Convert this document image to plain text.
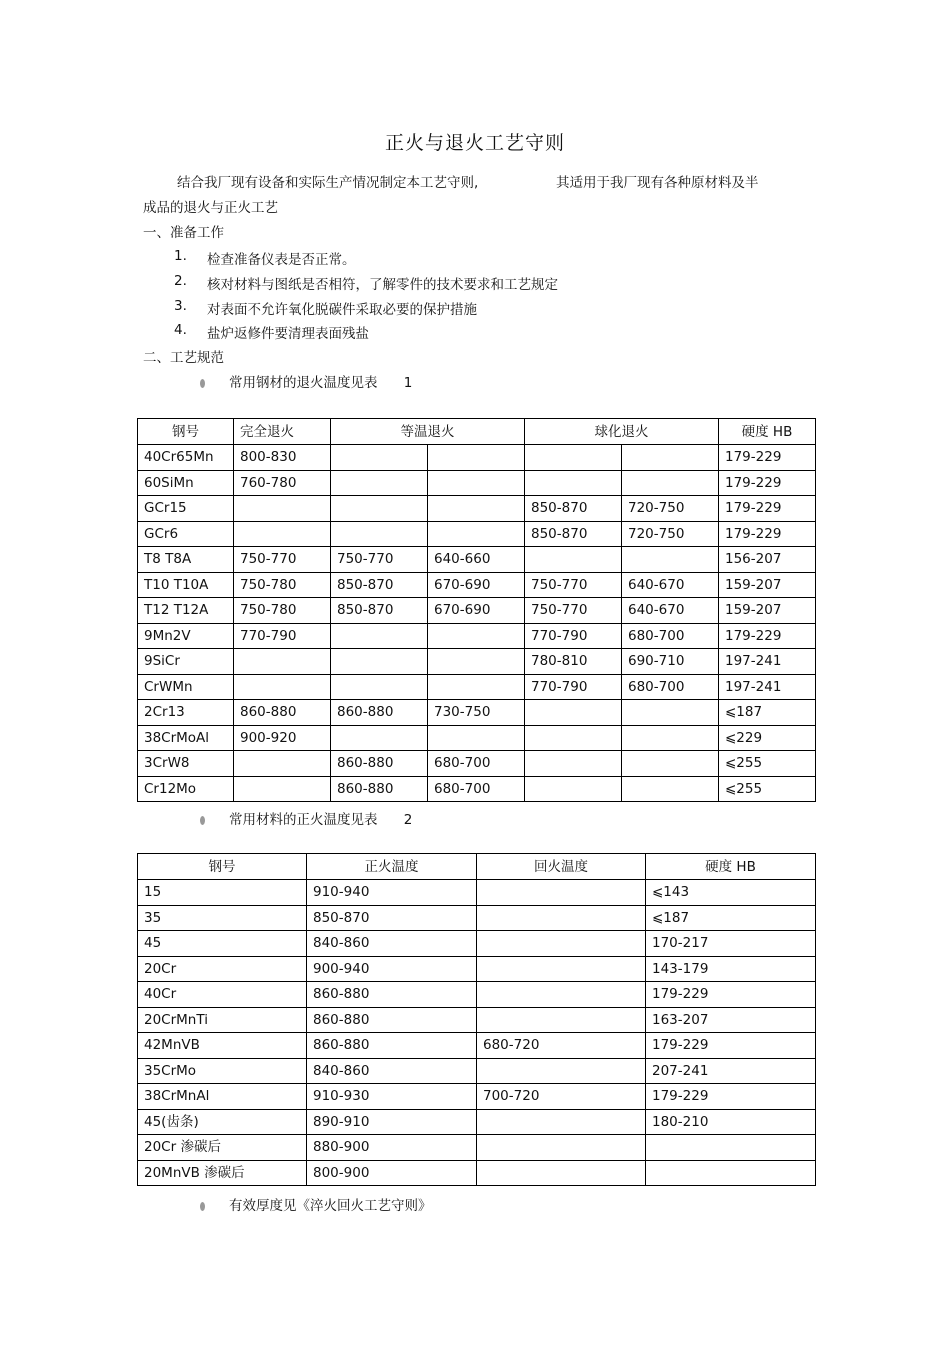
正火与退火工艺守则
结合我厂现有设备和实际生产情况制定本工艺守则,	其适用于我厂现有各种原材料及半
成品的退火与正火工艺
一、准备工作
1. 检查准备仪表是否正常。
2. 核对材料与图纸是否相符，了解零件的技术要求和工艺规定
3. 对表面不允许氧化脱碳件采取必要的保护措施
4. 盐炉返修件要清理表面残盐
二、工艺规范
常用钢材的退火温度见表 1
钢号	完全退火	等温退火		球化退火		硬度 HB
40Cr65Mn	800-830					179-229
60SiMn	760-780					179-229
GCr15				850-870	720-750	179-229
GCr6				850-870	720-750	179-229
T8 T8A	750-770	750-770	640-660			156-207
T10 T10A	750-780	850-870	670-690	750-770	640-670	159-207
T12 T12A	750-780	850-870	670-690	750-770	640-670	159-207
9Mn2V	770-790			770-790	680-700	179-229
9SiCr				780-810	690-710	197-241
CrWMn				770-790	680-700	197-241
2Cr13	860-880	860-880	730-750			⩽187
38CrMoAl	900-920					⩽229
3CrW8		860-880	680-700			⩽255
Cr12Mo		860-880	680-700			⩽255
常用材料的正火温度见表 2
钢号	正火温度	回火温度	硬度 HB
15	910-940		⩽143
35	850-870		⩽187
45	840-860		170-217
20Cr	900-940		143-179
40Cr	860-880		179-229
20CrMnTi	860-880		163-207
42MnVB	860-880	680-720	179-229
35CrMo	840-860		207-241
38CrMnAl	910-930	700-720	179-229
45(齿条)	890-910		180-210
20Cr 渗碳后	880-900		
20MnVB 渗碳后	800-900		
有效厚度见《淬火回火工艺守则》
